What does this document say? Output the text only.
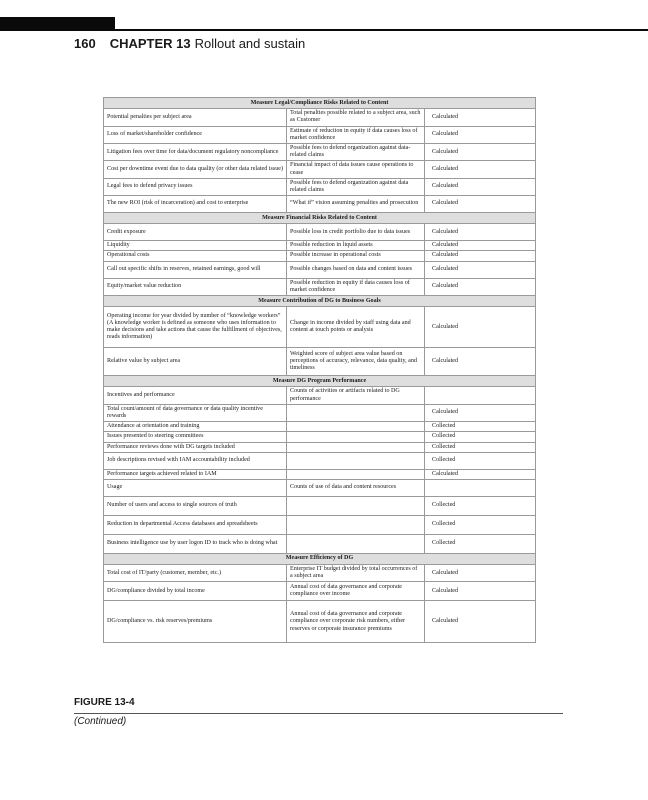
160 CHAPTER 13 Rollout and sustain
Measure Legal/Compliance Risks Related to Content		
Potential penalties per subject area	Total penalties possible related to a subject area, such as Customer	Calculated
Loss of market/shareholder confidence	Estimate of reduction in equity if data causes loss of market confidence	Calculated
Litigation fees over time for data/document regulatory noncompliance	Possible fees to defend organization against data-related claims	Calculated
Cost per downtime event due to data quality (or other data related issue)	Financial impact of data issues cause operations to cease	Calculated
Legal fees to defend privacy issues	Possible fees to defend organization against data related claims	Calculated
The new ROI (risk of incarceration) and cost to enterprise	“What if” vision assuming penalties and prosecution	Calculated
Measure Financial Risks Related to Content		
Credit exposure	Possible loss in credit portfolio due to data issues	Calculated
Liquidity	Possible reduction in liquid assets	Calculated
Operational costs	Possible increase in operational costs	Calculated
Call out specific shifts in reserves, retained earnings, good will	Possible changes based on data and content issues	Calculated
Equity/market value reduction	Possible reduction in equity if data causes loss of market confidence	Calculated
Measure Contribution of DG to Business Goals		
Operating income for year divided by number of “knowledge workers” (A knowledge worker is defined as someone who uses information to make decisions and take actions that cause the fulfillment of objectives, reads information)	Change in income divided by staff using data and content at touch points or analysis	Calculated
Relative value by subject area	Weighted score of subject area value based on perceptions of accuracy, relevance, data quality, and timeliness	Calculated
Measure DG Program Performance		
Incentives and performance	Counts of activities or artifacts related to DG performance	
Total count/amount of data governance or data quality incentive rewards		Calculated
Attendance at orientation and training		Collected
Issues presented to steering committees		Collected
Performance reviews done with DG targets included		Collected
Job descriptions revised with IAM accountability included		Collected
Performance targets achieved related to IAM		Calculated
Usage	Counts of use of data and content resources	
Number of users and access to single sources of truth		Collected
Reduction in departmental Access databases and spreadsheets		Collected
Business intelligence use by user logon ID to track who is doing what		Collected
Measure Efficiency of DG		
Total cost of IT/party (customer, member, etc.)	Enterprise IT budget divided by total occurrences of a subject area	Calculated
DG/compliance divided by total income	Annual cost of data governance and corporate compliance over income	Calculated
DG/compliance vs. risk reserves/premiums	Annual cost of data governance and corporate compliance over corporate risk numbers, either reserves or corporate insurance premiums	Calculated
FIGURE 13-4
(Continued)
